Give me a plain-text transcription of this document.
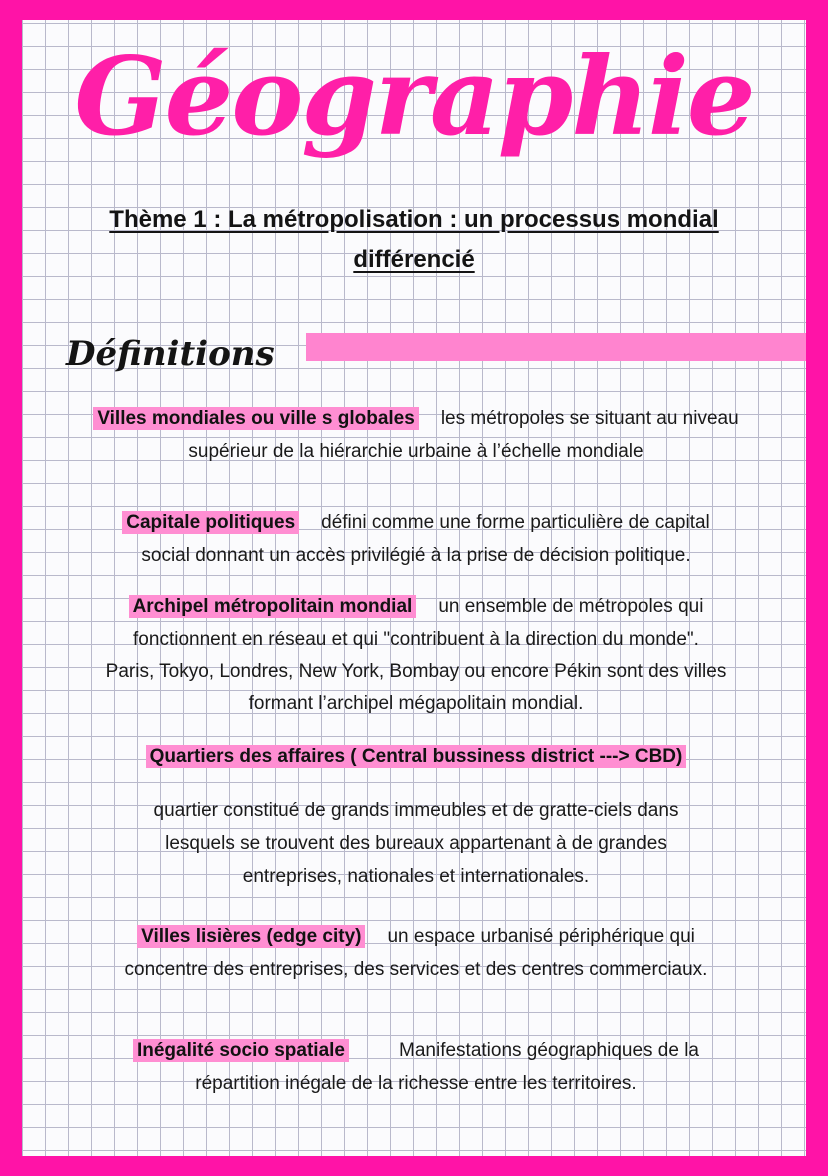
Géographie
Thème 1 : La métropolisation : un processus mondial différencié
Définitions
Villes mondiales ou ville s globales les métropoles se situant au niveau
supérieur de la hiérarchie urbaine à l’échelle mondiale
Capitale politiques défini comme une forme particulière de capital
social donnant un accès privilégié à la prise de décision politique.
Archipel métropolitain mondial un ensemble de métropoles qui
fonctionnent en réseau et qui "contribuent à la direction du monde".
Paris, Tokyo, Londres, New York, Bombay ou encore Pékin sont des villes
formant l’archipel mégapolitain mondial.
Quartiers des affaires ( Central bussiness district ---> CBD)
quartier constitué de grands immeubles et de gratte-ciels dans
lesquels se trouvent des bureaux appartenant à de grandes
entreprises, nationales et internationales.
Villes lisières (edge city) un espace urbanisé périphérique qui
concentre des entreprises, des services et des centres commerciaux.
Inégalité socio spatiale	Manifestations géographiques de la
répartition inégale de la richesse entre les territoires.
